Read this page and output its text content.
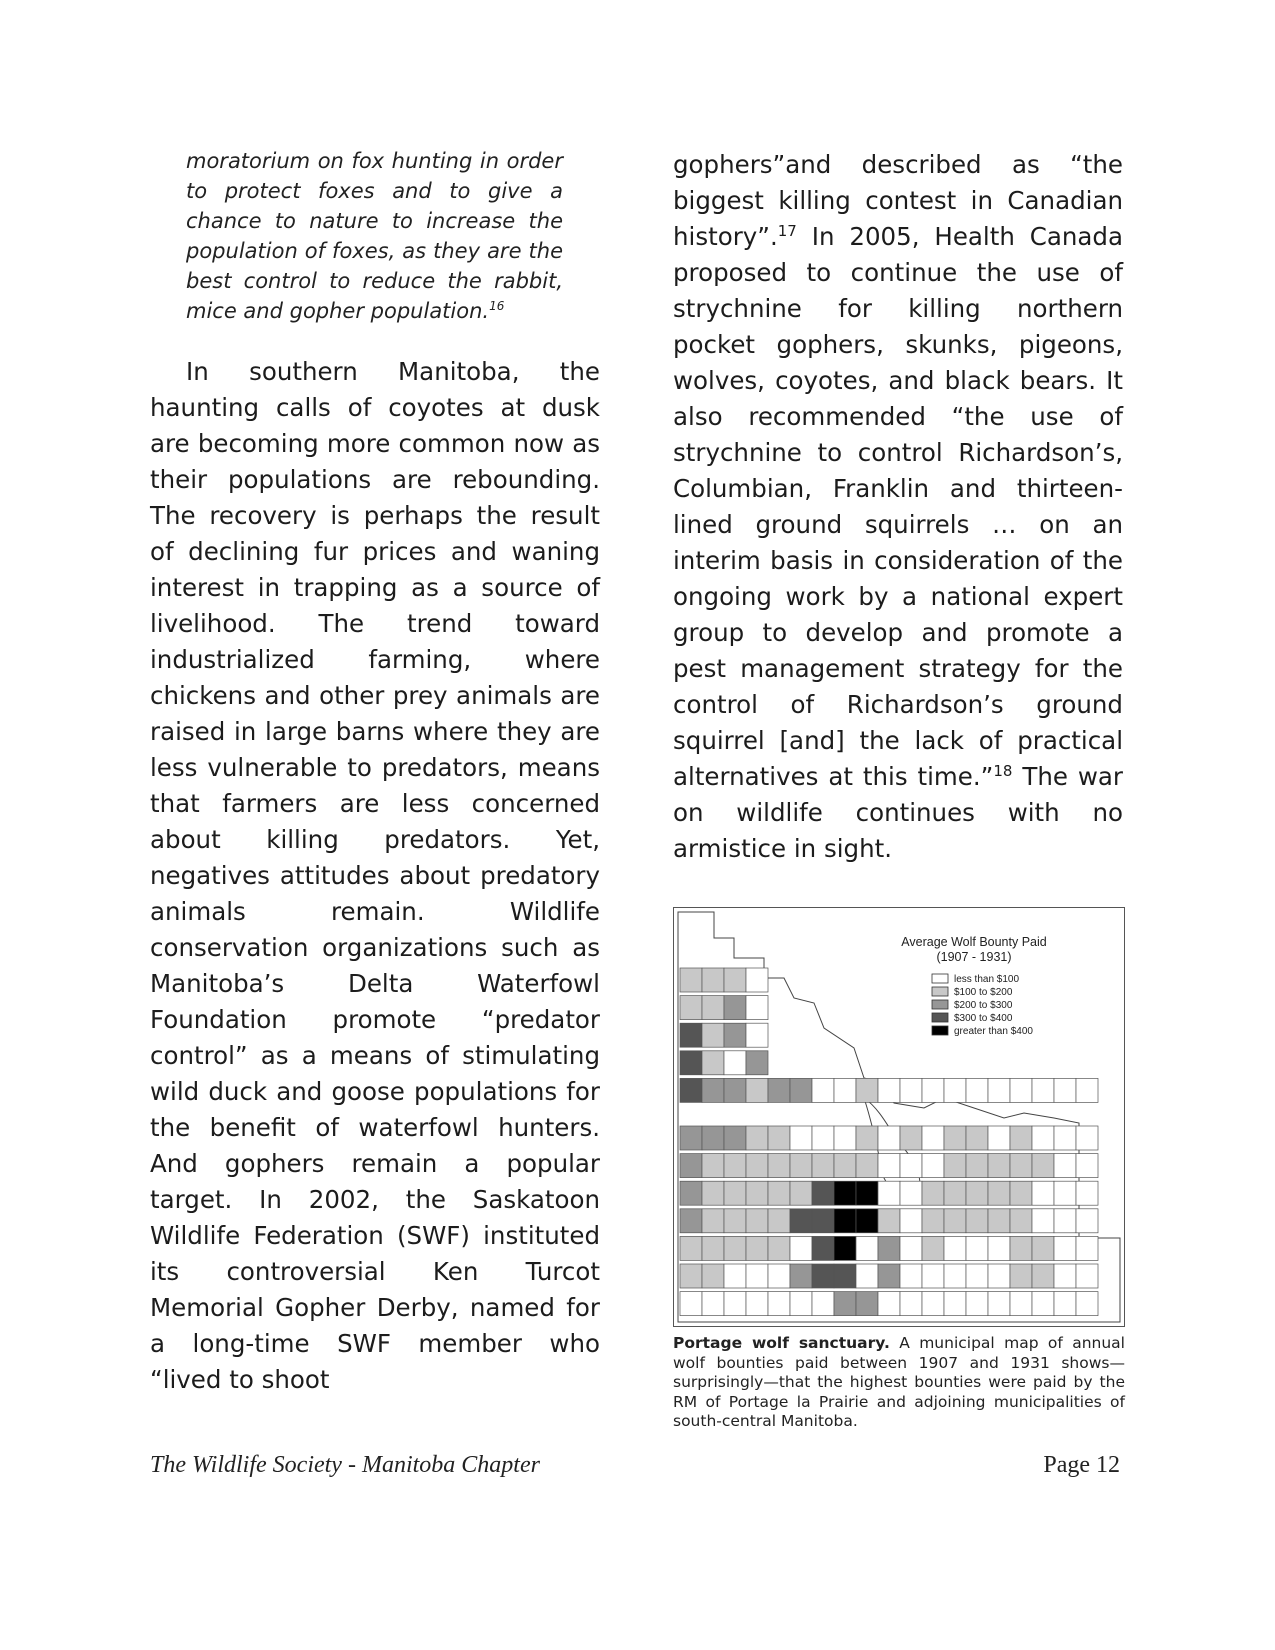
moratorium on fox hunting in order to protect foxes and to give a chance to nature to increase the population of foxes, as they are the best control to reduce the rabbit, mice and gopher population.$^{16}$

In southern Manitoba, the haunting calls of coyotes at dusk are becoming more common now as their populations are rebounding. The recovery is perhaps the result of declining fur prices and waning interest in trapping as a source of livelihood. The trend toward industrialized farming, where chickens and other prey animals are raised in large barns where they are less vulnerable to predators, means that farmers are less concerned about killing predators. Yet, negatives attitudes about predatory animals remain. Wildlife conservation organizations such as Manitoba’s Delta Waterfowl Foundation promote “predator control” as a means of stimulating wild duck and goose populations for the benefit of waterfowl hunters. And gophers remain a popular target. In 2002, the Saskatoon Wildlife Federation (SWF) instituted its controversial Ken Turcot Memorial Gopher Derby, named for a long-time SWF member who “lived to shoot

gophers”and described as “the biggest killing contest in Canadian history”.$^{17}$ In 2005, Health Canada proposed to continue the use of strychnine for killing northern pocket gophers, skunks, pigeons, wolves, coyotes, and black bears. It also recommended “the use of strychnine to control Richardson’s, Columbian, Franklin and thirteen-lined ground squirrels … on an interim basis in consideration of the ongoing work by a national expert group to develop and promote a pest management strategy for the control of Richardson’s ground squirrel [and] the lack of practical alternatives at this time.”$^{18}$ The war on wildlife continues with no armistice in sight.

Average Wolf Bounty Paid
(1907 - 1931)
less than $100
$100 to $200
$200 to $300
$300 to $400
greater than $400
Portage wolf sanctuary. A municipal map of annual wolf bounties paid between 1907 and 1931 shows—surprisingly—that the highest bounties were paid by the RM of Portage la Prairie and adjoining municipalities of south-central Manitoba.
The Wildlife Society - Manitoba Chapter	Page 12
